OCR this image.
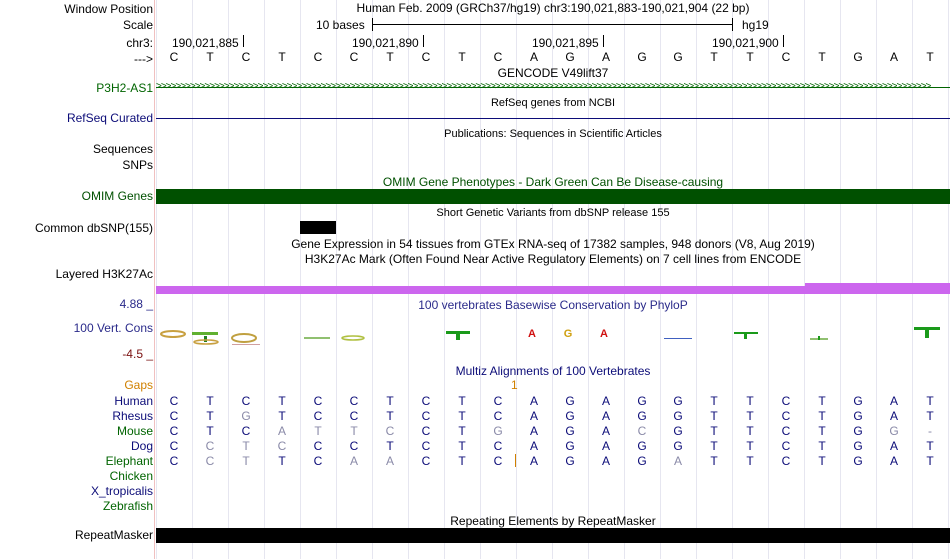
Window Position
Scale
chr3:
--->
Human Feb. 2009 (GRCh37/hg19) chr3:190,021,883-190,021,904 (22 bp)
10 bases	hg19
190,021,885	190,021,890	190,021,895	190,021,900
C	T	C	T	C	C	T	C	T	C	A	G	A	G	G	T	T	C	T	G	A	T
GENCODE V49lift37
P3H2-AS1
RefSeq genes from NCBI
RefSeq Curated
Publications: Sequences in Scientific Articles
Sequences
SNPs
OMIM Gene Phenotypes - Dark Green Can Be Disease-causing
OMIM Genes
Short Genetic Variants from dbSNP release 155
Common dbSNP(155)
Gene Expression in 54 tissues from GTEx RNA-seq of 17382 samples, 948 donors (V8, Aug 2019)
H3K27Ac Mark (Often Found Near Active Regulatory Elements) on 7 cell lines from ENCODE
Layered H3K27Ac
100 vertebrates Basewise Conservation by PhyloP
4.88 _
100 Vert. Cons
-4.5 _
A	G	A
Multiz Alignments of 100 Vertebrates
Gaps	1
Human	C	T	C	T	C	C	T	C	T	C	A	G	A	G	G	T	T	C	T	G	A	T
Rhesus	C	T	G	T	C	C	T	C	T	C	A	G	A	G	G	T	T	C	T	G	A	T
Mouse	C	T	C	A	T	T	C	C	T	G	A	G	A	C	G	T	T	C	T	G	G	-
Dog	C	C	T	C	C	C	T	C	T	C	A	G	A	G	G	T	T	C	T	G	A	T
Elephant	C	C	T	T	C	A	A	C	T	C	A	G	A	G	A	T	T	C	T	G	A	T
Chicken
X_tropicalis
Zebrafish
Repeating Elements by RepeatMasker
RepeatMasker
